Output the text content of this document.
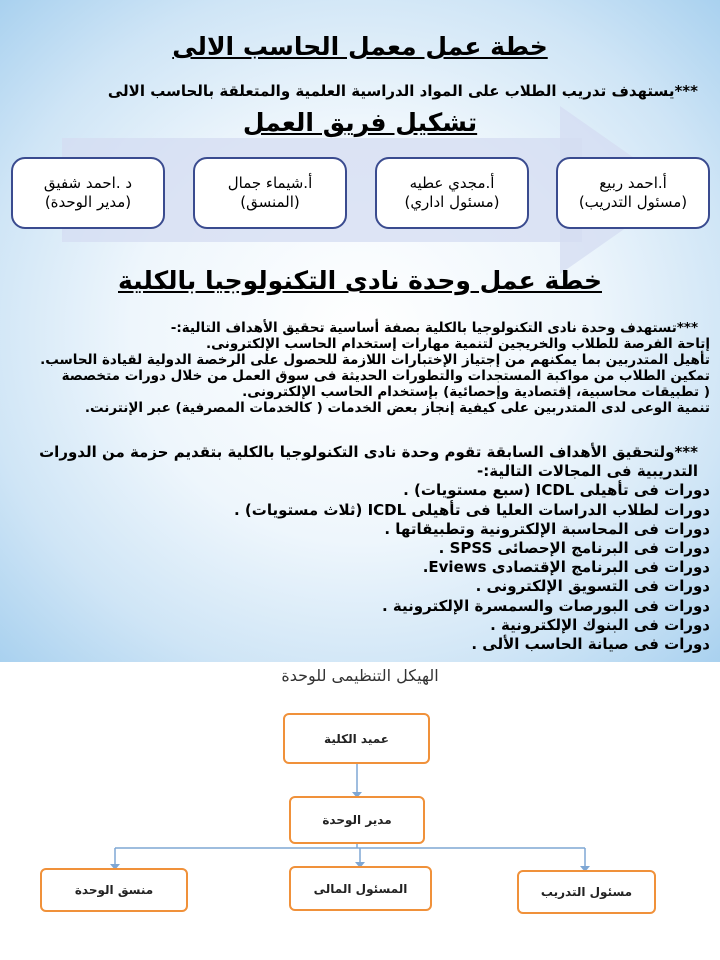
خطة عمل معمل الحاسب الالى
***يستهدف تدريب الطلاب على المواد الدراسية العلمية والمتعلقة بالحاسب الالى
تشكيل فريق العمل
أ.احمد ربيع
(مسئول التدريب)
أ.مجدي عطيه
(مسئول اداري)
أ.شيماء جمال
(المنسق)
د .احمد شفيق
(مدير الوحدة)
خطة عمل وحدة نادى التكنولوجيا بالكلية
***تستهدف وحدة نادى التكنولوجيا بالكلية بصفة أساسية تحقيق الأهداف التالية:-
إتاحة الفرصة للطلاب والخريجين لتنمية مهارات إستخدام الحاسب الإلكترونى.
تأهيل المتدربين بما يمكنهم من إجتياز الإختبارات اللازمة للحصول على الرخصة الدولية لقيادة الحاسب.
تمكين الطلاب من مواكبة المستجدات والتطورات الحديثة فى سوق العمل من خلال دورات متخصصة
( تطبيقات محاسبية، إقتصادية وإحصائية) بإستخدام الحاسب الإلكترونى.
تنمية الوعى لدى المتدربين على كيفية إنجاز بعض الخدمات ( كالخدمات المصرفية) عبر الإنترنت.
***ولتحقيق الأهداف السابقة تقوم وحدة نادى التكنولوجيا بالكلية بتقديم حزمة من الدورات
التدريبية فى المجالات التالية:-
دورات فى تأهيلى ICDL (سبع مستويات) .
دورات لطلاب الدراسات العليا فى تأهيلى ICDL (ثلاث مستويات) .
دورات فى المحاسبة الإلكترونية وتطبيقاتها .
دورات فى البرنامج الإحصائى SPSS .
دورات فى البرنامج الإقتصادى Eviews.
دورات فى التسويق الإلكترونى .
دورات فى البورصات والسمسرة الإلكترونية .
دورات فى البنوك الإلكترونية .
دورات فى صيانة الحاسب الألى .
الهيكل التنظيمى للوحدة
عميد الكلية
مدير الوحدة
منسق الوحدة	المسئول المالى	مسئول التدريب
